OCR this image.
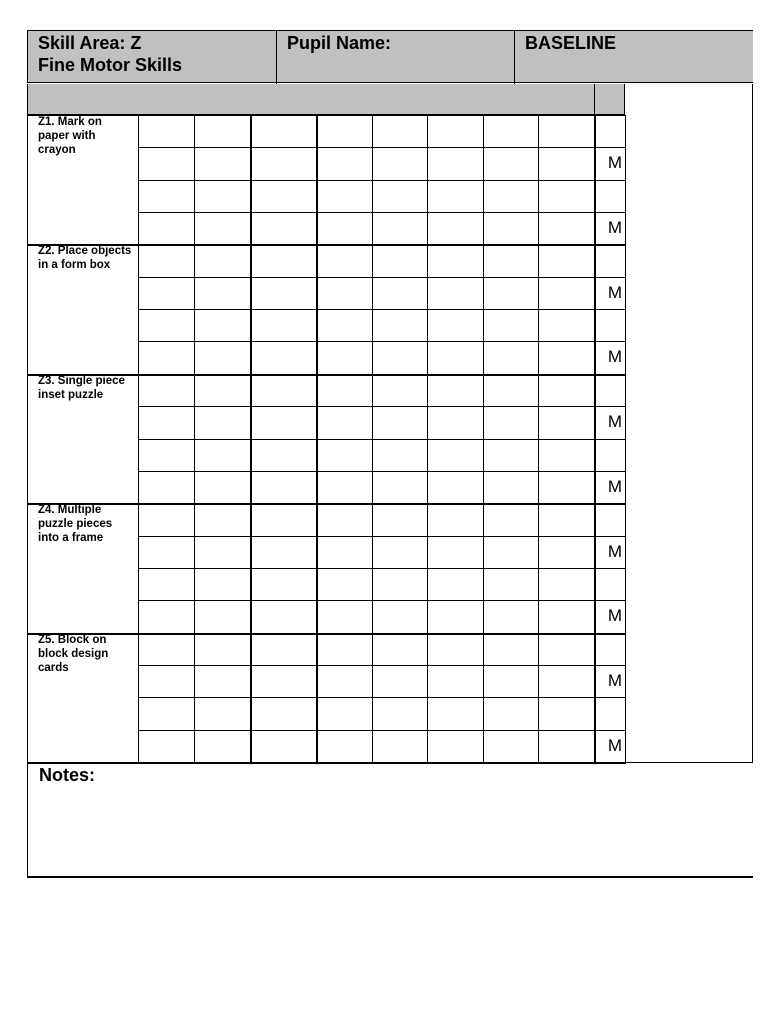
Skill Area: Z
Fine Motor Skills
Pupil Name:	BASELINE
Z1. Mark on paper with crayon
M
M
Z2. Place objects in a form box
M
M
Z3. Single piece inset puzzle
M
M
Z4. Multiple puzzle pieces into a frame
M
M
Z5. Block on block design cards
M
M
Notes:
